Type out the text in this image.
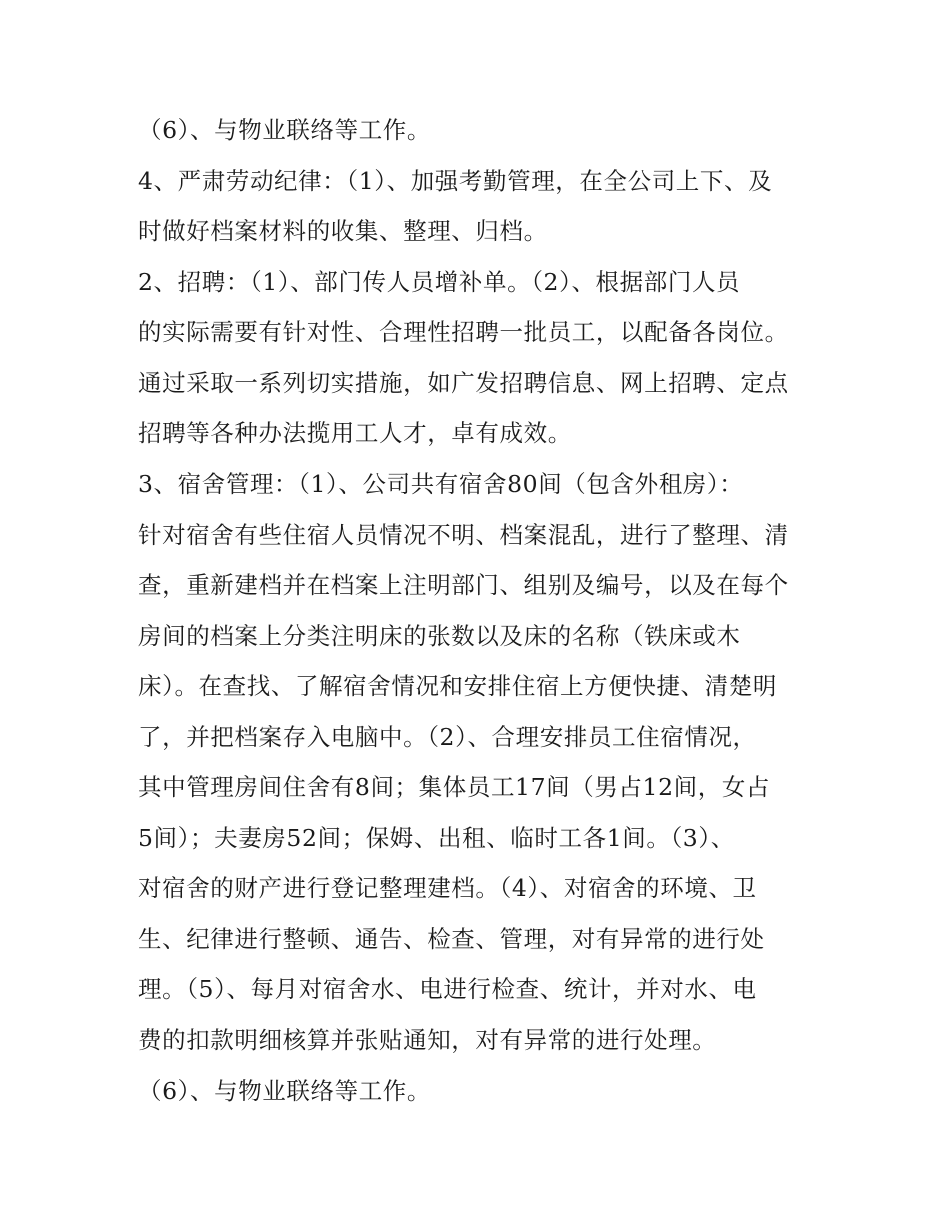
（6）、与物业联络等工作。
4、严肃劳动纪律：（1）、加强考勤管理，在全公司上下、及
时做好档案材料的收集、整理、归档。
2、招聘：（1）、部门传人员增补单。（2）、根据部门人员
的实际需要有针对性、合理性招聘一批员工，以配备各岗位。
通过采取一系列切实措施，如广发招聘信息、网上招聘、定点
招聘等各种办法揽用工人才，卓有成效。
3、宿舍管理：（1）、公司共有宿舍80间（包含外租房）：
针对宿舍有些住宿人员情况不明、档案混乱，进行了整理、清
查，重新建档并在档案上注明部门、组别及编号，以及在每个
房间的档案上分类注明床的张数以及床的名称（铁床或木
床）。在查找、了解宿舍情况和安排住宿上方便快捷、清楚明
了，并把档案存入电脑中。（2）、合理安排员工住宿情况，
其中管理房间住舍有8间；集体员工17间（男占12间，女占
5间）；夫妻房52间；保姆、出租、临时工各1间。（3）、
对宿舍的财产进行登记整理建档。（4）、对宿舍的环境、卫
生、纪律进行整顿、通告、检查、管理，对有异常的进行处
理。（5）、每月对宿舍水、电进行检查、统计，并对水、电
费的扣款明细核算并张贴通知，对有异常的进行处理。
（6）、与物业联络等工作。
